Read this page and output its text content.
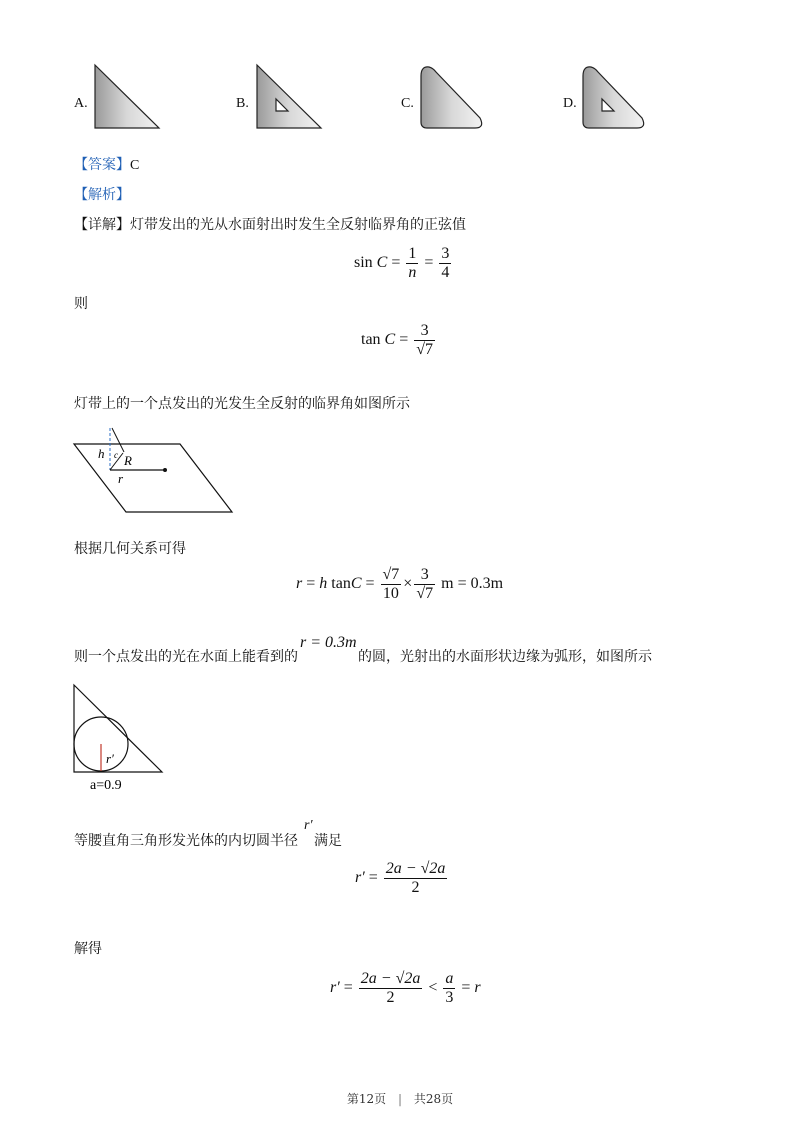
A.	B.	C.	D.
【答案】C
【解析】
【详解】灯带发出的光从水面射出时发生全反射临界角的正弦值
$\sin C = \frac{1}{n} = \frac{3}{4}$
则
$\tan C = \frac{3}{√7}$
灯带上的一个点发出的光发生全反射的临界角如图所示
h c R
r
根据几何关系可得
r = h $\tan C = \frac{√7}{10} \times \frac{3}{√7}$ m = 0.3m
则一个点发出的光在水面上能看到的
r = 0.3m
的圆，光射出的水面形状边缘为弧形，如图所示
r′
a=0.9
等腰直角三角形发光体的内切圆半径
r′
满足
$r' = \frac{2a - √2a}{2}$
解得
$r' = \frac{2a - √2a}{2} < \frac{a}{3} = r$
第12页 | 共28页
